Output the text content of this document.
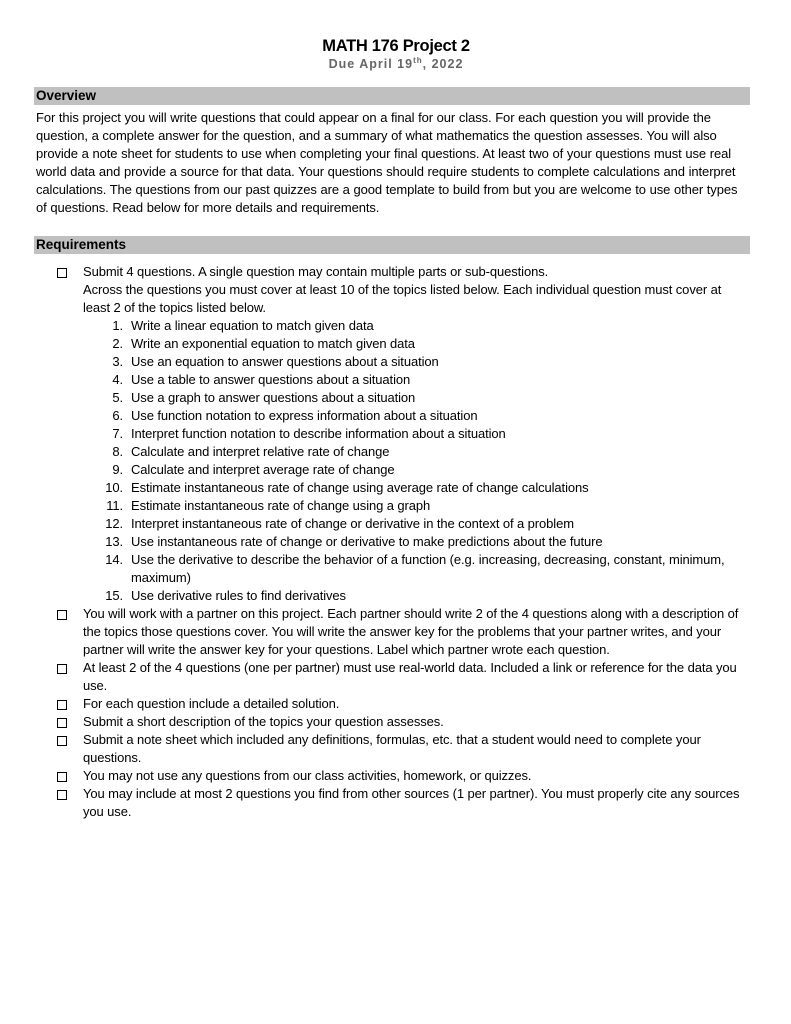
MATH 176 Project 2
Due April 19th, 2022
Overview
For this project you will write questions that could appear on a final for our class. For each question you will provide the question, a complete answer for the question, and a summary of what mathematics the question assesses. You will also provide a note sheet for students to use when completing your final questions. At least two of your questions must use real world data and provide a source for that data. Your questions should require students to complete calculations and interpret calculations. The questions from our past quizzes are a good template to build from but you are welcome to use other types of questions. Read below for more details and requirements.
Requirements
Submit 4 questions. A single question may contain multiple parts or sub-questions.
Across the questions you must cover at least 10 of the topics listed below. Each individual question must cover at least 2 of the topics listed below.
1. Write a linear equation to match given data
2. Write an exponential equation to match given data
3. Use an equation to answer questions about a situation
4. Use a table to answer questions about a situation
5. Use a graph to answer questions about a situation
6. Use function notation to express information about a situation
7. Interpret function notation to describe information about a situation
8. Calculate and interpret relative rate of change
9. Calculate and interpret average rate of change
10. Estimate instantaneous rate of change using average rate of change calculations
11. Estimate instantaneous rate of change using a graph
12. Interpret instantaneous rate of change or derivative in the context of a problem
13. Use instantaneous rate of change or derivative to make predictions about the future
14. Use the derivative to describe the behavior of a function (e.g. increasing, decreasing, constant, minimum, maximum)
15. Use derivative rules to find derivatives
You will work with a partner on this project. Each partner should write 2 of the 4 questions along with a description of the topics those questions cover. You will write the answer key for the problems that your partner writes, and your partner will write the answer key for your questions. Label which partner wrote each question.
At least 2 of the 4 questions (one per partner) must use real-world data. Included a link or reference for the data you use.
For each question include a detailed solution.
Submit a short description of the topics your question assesses.
Submit a note sheet which included any definitions, formulas, etc. that a student would need to complete your questions.
You may not use any questions from our class activities, homework, or quizzes.
You may include at most 2 questions you find from other sources (1 per partner). You must properly cite any sources you use.
